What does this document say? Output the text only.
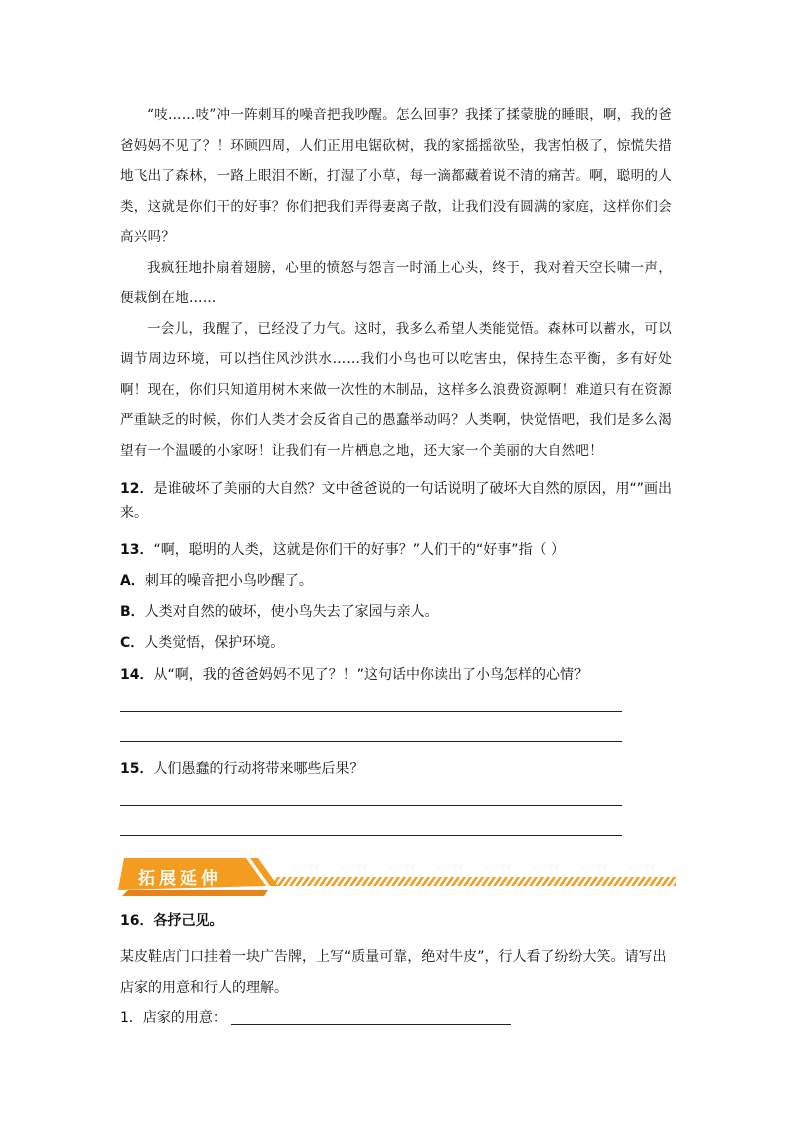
“吱……吱”冲一阵刺耳的噪音把我吵醒。怎么回事？我揉了揉蒙胧的睡眼，啊，我的爸爸妈妈不见了？！环顾四周，人们正用电锯砍树，我的家摇摇欲坠，我害怕极了，惊慌失措地飞出了森林，一路上眼泪不断，打湿了小草，每一滴都藏着说不清的痛苦。啊，聪明的人类，这就是你们干的好事？你们把我们弄得妻离子散，让我们没有圆满的家庭，这样你们会高兴吗？

我疯狂地扑扇着翅膀，心里的愤怒与怨言一时涌上心头，终于，我对着天空长啸一声，便栽倒在地……

一会儿，我醒了，已经没了力气。这时，我多么希望人类能觉悟。森林可以蓄水，可以调节周边环境，可以挡住风沙洪水……我们小鸟也可以吃害虫，保持生态平衡，多有好处啊！现在，你们只知道用树木来做一次性的木制品，这样多么浪费资源啊！难道只有在资源严重缺乏的时候，你们人类才会反省自己的愚蠢举动吗？人类啊，快觉悟吧，我们是多么渴望有一个温暖的小家呀！让我们有一片栖息之地，还大家一个美丽的大自然吧！

12．是谁破坏了美丽的大自然？文中爸爸说的一句话说明了破坏大自然的原因，用“”画出来。
13．“啊，聪明的人类，这就是你们干的好事？”人们干的“好事”指（ ）
A．刺耳的噪音把小鸟吵醒了。
B．人类对自然的破坏，使小鸟失去了家园与亲人。
C．人类觉悟，保护环境。
14．从“啊，我的爸爸妈妈不见了？！”这句话中你读出了小鸟怎样的心情？
15．人们愚蠢的行动将带来哪些后果？
拓展延伸
16．各抒己见。
某皮鞋店门口挂着一块广告牌，上写“质量可靠，绝对牛皮”，行人看了纷纷大笑。请写出店家的用意和行人的理解。
1．店家的用意：
